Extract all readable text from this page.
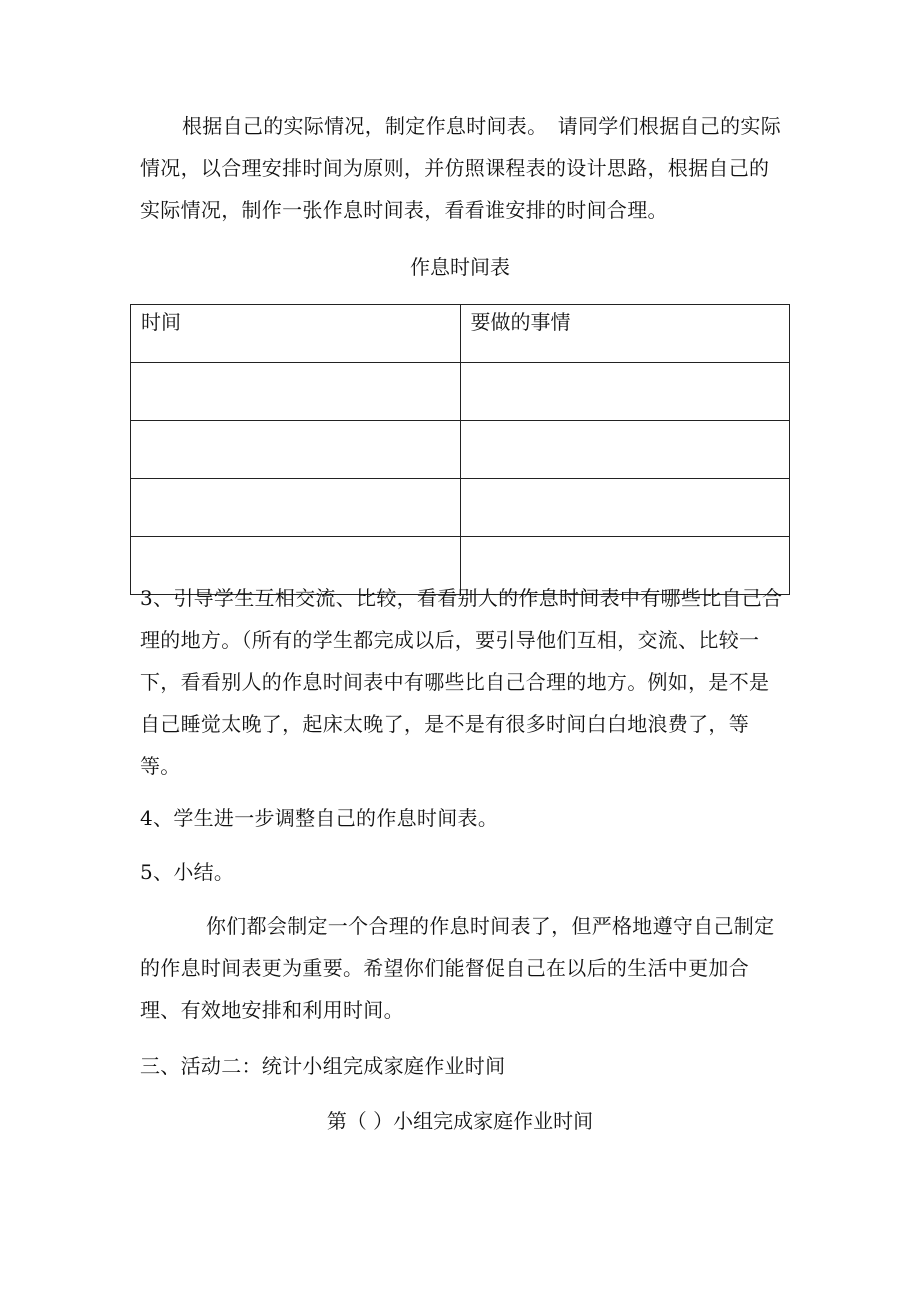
根据自己的实际情况，制定作息时间表。　请同学们根据自己的实际情况，以合理安排时间为原则，并仿照课程表的设计思路，根据自己的实际情况，制作一张作息时间表，看看谁安排的时间合理。

作息时间表

时间	要做的事情

3、引导学生互相交流、比较，看看别人的作息时间表中有哪些比自己合理的地方。（所有的学生都完成以后，要引导他们互相，交流、比较一下，看看别人的作息时间表中有哪些比自己合理的地方。例如，是不是自己睡觉太晚了，起床太晚了，是不是有很多时间白白地浪费了，等等。

4、学生进一步调整自己的作息时间表。

5、小结。

你们都会制定一个合理的作息时间表了，但严格地遵守自己制定的作息时间表更为重要。希望你们能督促自己在以后的生活中更加合理、有效地安排和利用时间。

三、活动二：统计小组完成家庭作业时间

第（ ）小组完成家庭作业时间
